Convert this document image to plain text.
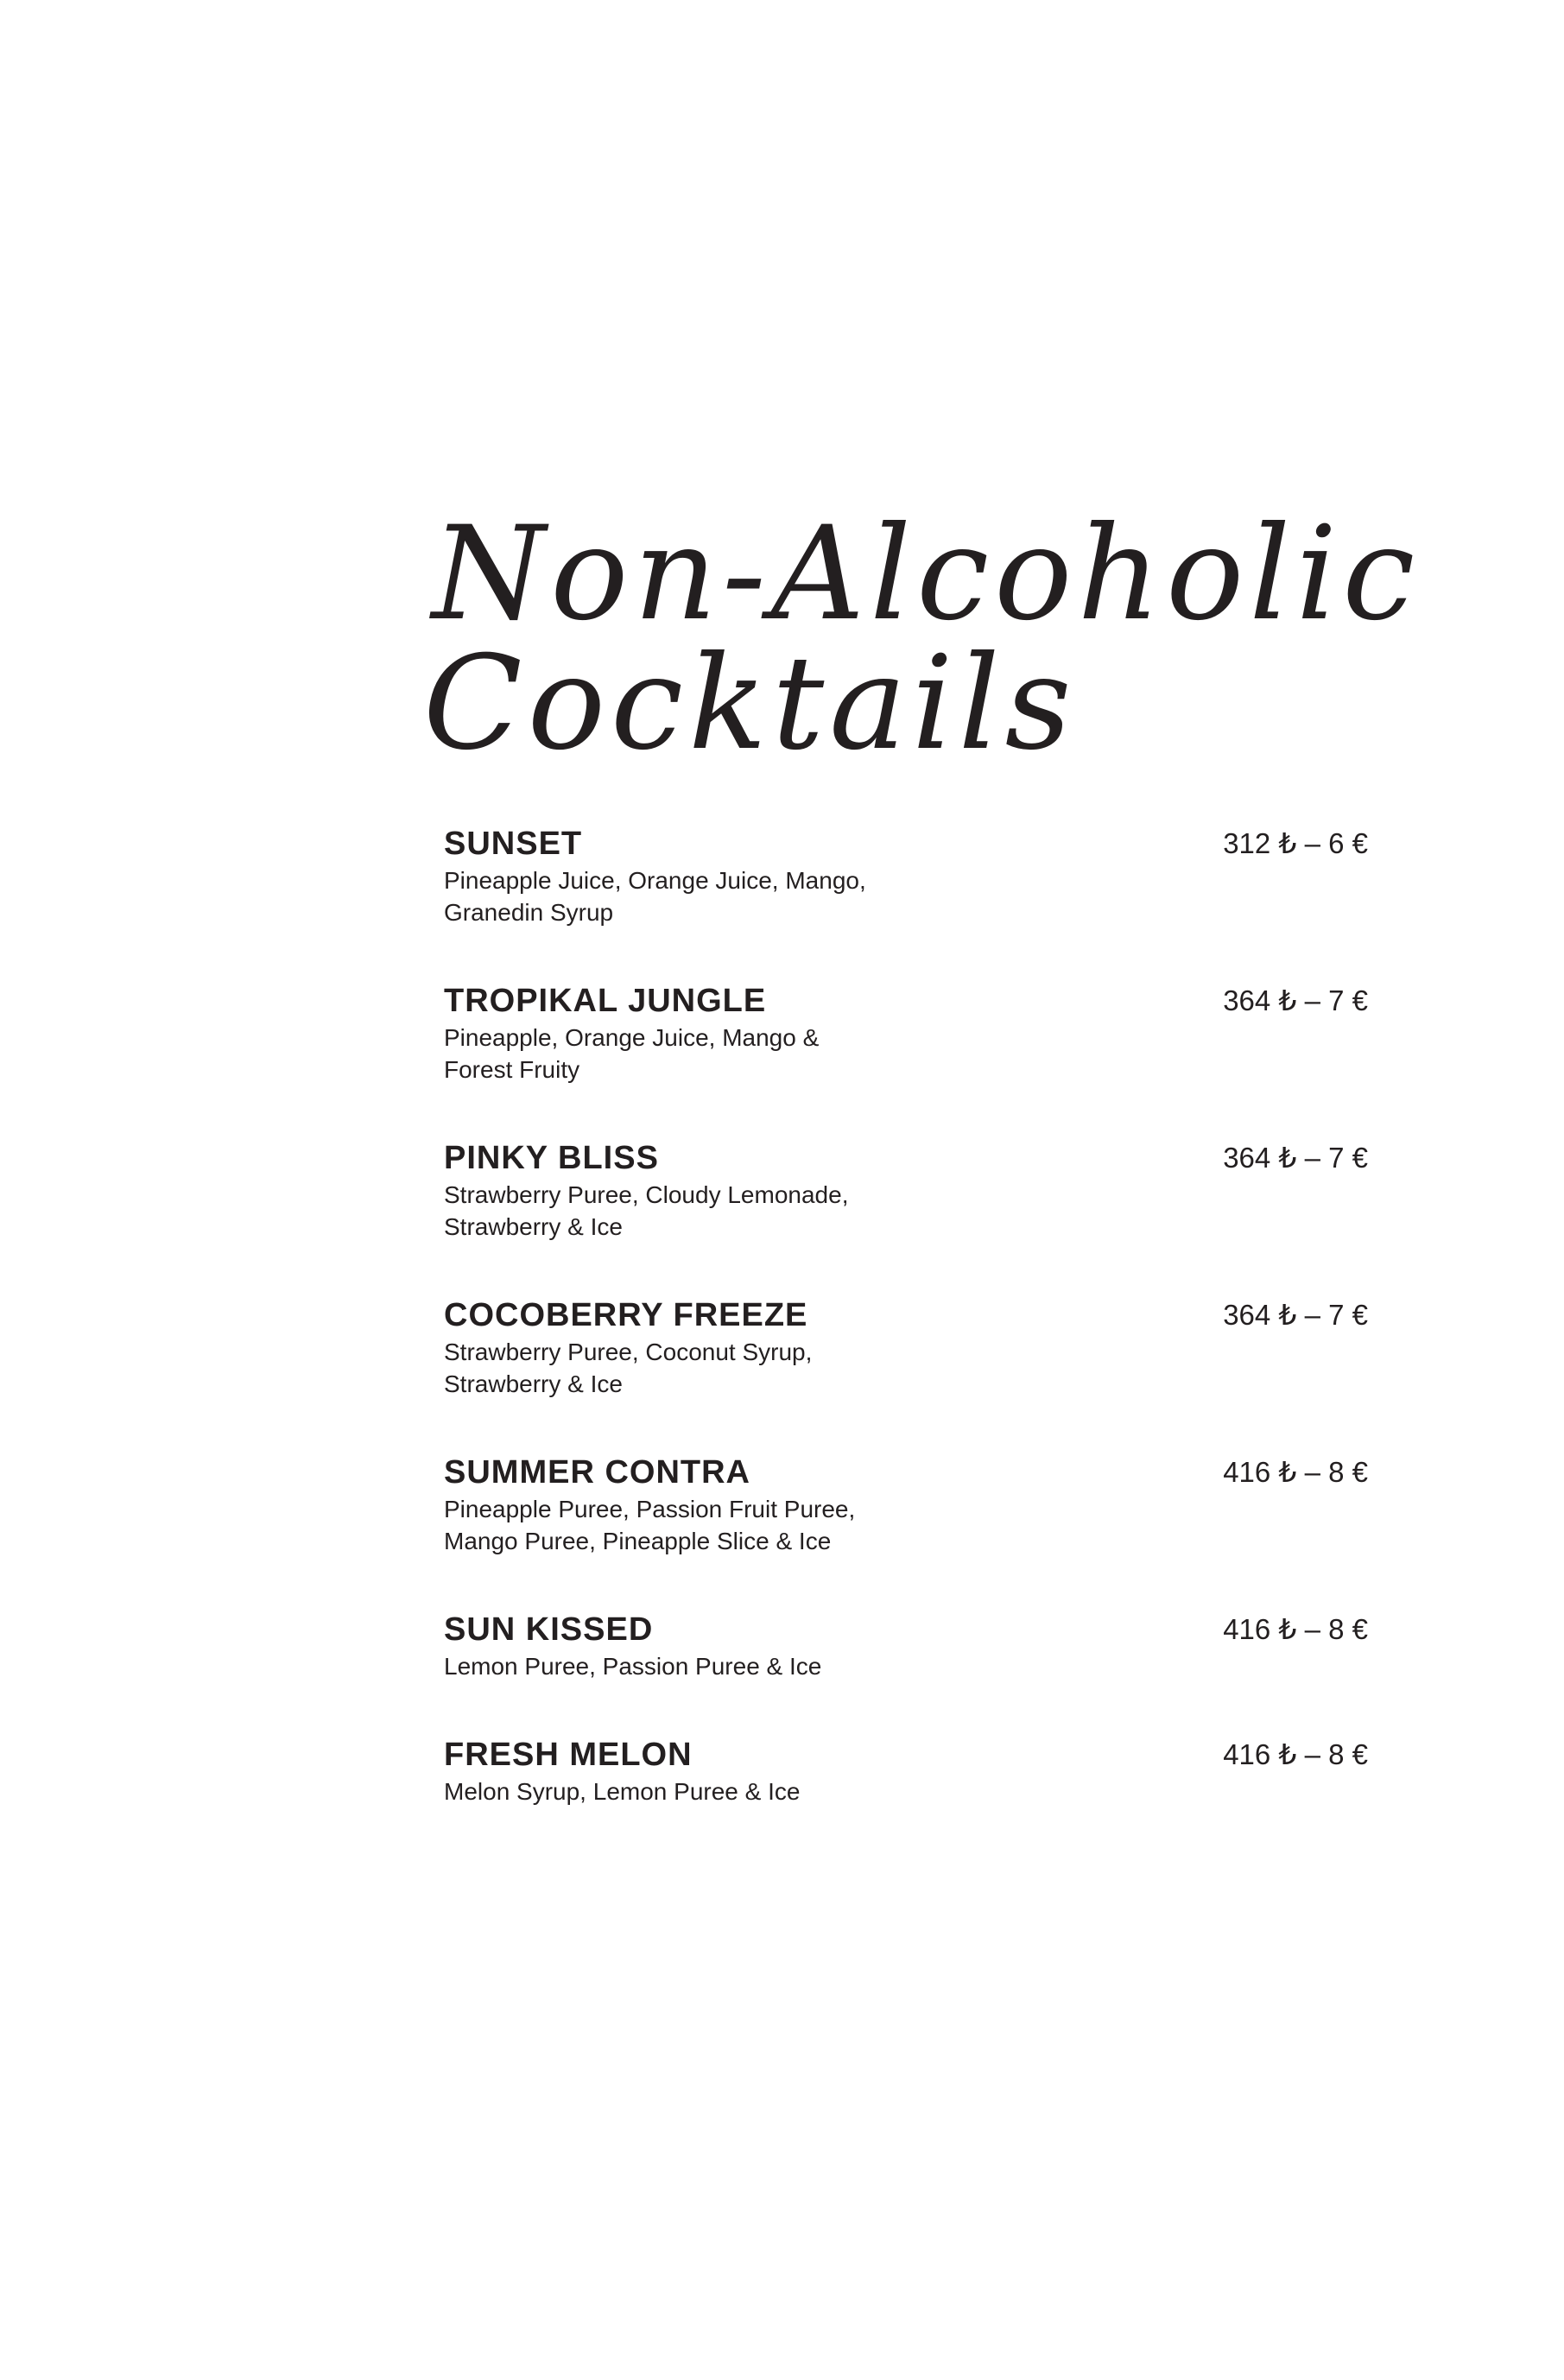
Non-Alcoholic
Cocktails
SUNSET	312 ₺ – 6 €
Pineapple Juice, Orange Juice, Mango,
Granedin Syrup
TROPIKAL JUNGLE	364 ₺ – 7 €
Pineapple, Orange Juice, Mango &
Forest Fruity
PINKY BLISS	364 ₺ – 7 €
Strawberry Puree, Cloudy Lemonade,
Strawberry & Ice
COCOBERRY FREEZE	364 ₺ – 7 €
Strawberry Puree, Coconut Syrup,
Strawberry & Ice
SUMMER CONTRA	416 ₺ – 8 €
Pineapple Puree, Passion Fruit Puree,
Mango Puree, Pineapple Slice & Ice
SUN KISSED	416 ₺ – 8 €
Lemon Puree, Passion Puree & Ice
FRESH MELON	416 ₺ – 8 €
Melon Syrup, Lemon Puree & Ice
